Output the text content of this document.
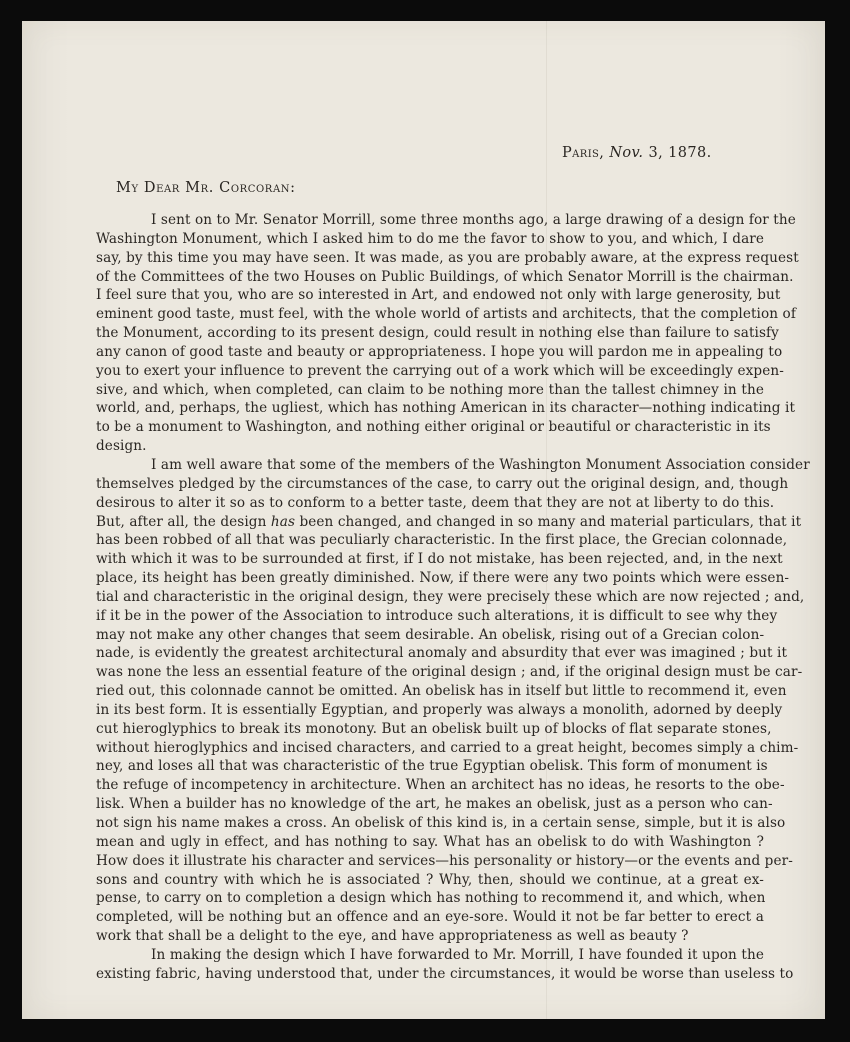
Paris, Nov. 3, 1878.
My Dear Mr. Corcoran:
I sent on to Mr. Senator Morrill, some three months ago, a large drawing of a design for the
Washington Monument, which I asked him to do me the favor to show to you, and which, I dare
say, by this time you may have seen. It was made, as you are probably aware, at the express request
of the Committees of the two Houses on Public Buildings, of which Senator Morrill is the chairman.
I feel sure that you, who are so interested in Art, and endowed not only with large generosity, but
eminent good taste, must feel, with the whole world of artists and architects, that the completion of
the Monument, according to its present design, could result in nothing else than failure to satisfy
any canon of good taste and beauty or appropriateness. I hope you will pardon me in appealing to
you to exert your influence to prevent the carrying out of a work which will be exceedingly expen-
sive, and which, when completed, can claim to be nothing more than the tallest chimney in the
world, and, perhaps, the ugliest, which has nothing American in its character—nothing indicating it
to be a monument to Washington, and nothing either original or beautiful or characteristic in its
design.
I am well aware that some of the members of the Washington Monument Association consider
themselves pledged by the circumstances of the case, to carry out the original design, and, though
desirous to alter it so as to conform to a better taste, deem that they are not at liberty to do this.
But, after all, the design has been changed, and changed in so many and material particulars, that it
has been robbed of all that was peculiarly characteristic. In the first place, the Grecian colonnade,
with which it was to be surrounded at first, if I do not mistake, has been rejected, and, in the next
place, its height has been greatly diminished. Now, if there were any two points which were essen-
tial and characteristic in the original design, they were precisely these which are now rejected ; and,
if it be in the power of the Association to introduce such alterations, it is difficult to see why they
may not make any other changes that seem desirable. An obelisk, rising out of a Grecian colon-
nade, is evidently the greatest architectural anomaly and absurdity that ever was imagined ; but it
was none the less an essential feature of the original design ; and, if the original design must be car-
ried out, this colonnade cannot be omitted. An obelisk has in itself but little to recommend it, even
in its best form. It is essentially Egyptian, and properly was always a monolith, adorned by deeply
cut hieroglyphics to break its monotony. But an obelisk built up of blocks of flat separate stones,
without hieroglyphics and incised characters, and carried to a great height, becomes simply a chim-
ney, and loses all that was characteristic of the true Egyptian obelisk. This form of monument is
the refuge of incompetency in architecture. When an architect has no ideas, he resorts to the obe-
lisk. When a builder has no knowledge of the art, he makes an obelisk, just as a person who can-
not sign his name makes a cross. An obelisk of this kind is, in a certain sense, simple, but it is also
mean and ugly in effect, and has nothing to say. What has an obelisk to do with Washington ?
How does it illustrate his character and services—his personality or history—or the events and per-
sons and country with which he is associated ? Why, then, should we continue, at a great ex-
pense, to carry on to completion a design which has nothing to recommend it, and which, when
completed, will be nothing but an offence and an eye-sore. Would it not be far better to erect a
work that shall be a delight to the eye, and have appropriateness as well as beauty ?
In making the design which I have forwarded to Mr. Morrill, I have founded it upon the
existing fabric, having understood that, under the circumstances, it would be worse than useless to
